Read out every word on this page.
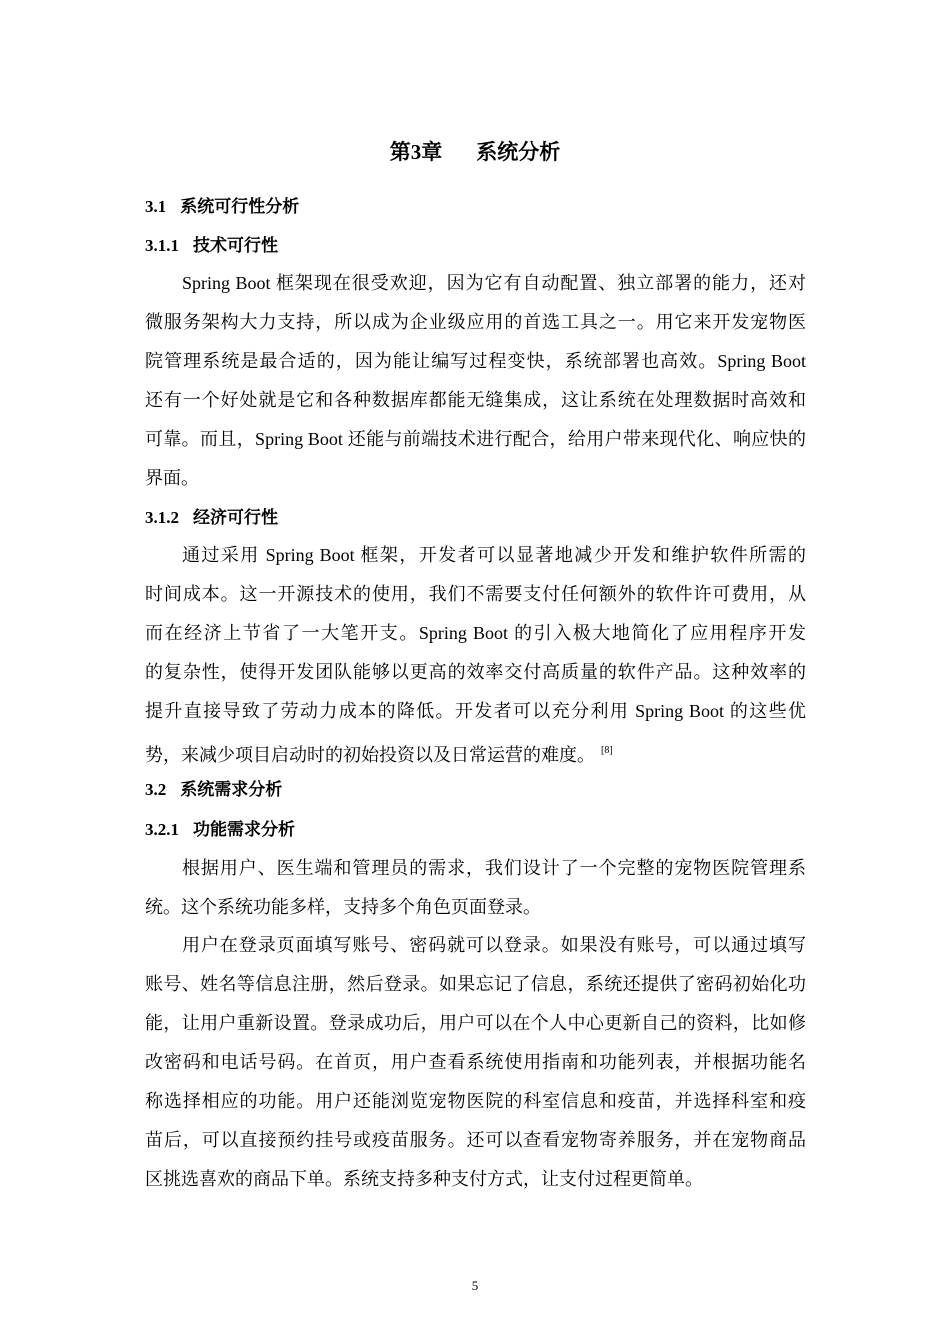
第3章 系统分析
3.1 系统可行性分析
3.1.1 技术可行性
Spring Boot 框架现在很受欢迎，因为它有自动配置、独立部署的能力，还对
微服务架构大力支持，所以成为企业级应用的首选工具之一。用它来开发宠物医
院管理系统是最合适的，因为能让编写过程变快，系统部署也高效。Spring Boot
还有一个好处就是它和各种数据库都能无缝集成，这让系统在处理数据时高效和
可靠。而且，Spring Boot 还能与前端技术进行配合，给用户带来现代化、响应快的
界面。
3.1.2 经济可行性
通过采用 Spring Boot 框架，开发者可以显著地减少开发和维护软件所需的
时间成本。这一开源技术的使用，我们不需要支付任何额外的软件许可费用，从
而在经济上节省了一大笔开支。Spring Boot 的引入极大地简化了应用程序开发
的复杂性，使得开发团队能够以更高的效率交付高质量的软件产品。这种效率的
提升直接导致了劳动力成本的降低。开发者可以充分利用 Spring Boot 的这些优
势，来减少项目启动时的初始投资以及日常运营的难度。 [8]
3.2 系统需求分析
3.2.1 功能需求分析
根据用户、医生端和管理员的需求，我们设计了一个完整的宠物医院管理系
统。这个系统功能多样，支持多个角色页面登录。
用户在登录页面填写账号、密码就可以登录。如果没有账号，可以通过填写
账号、姓名等信息注册，然后登录。如果忘记了信息，系统还提供了密码初始化功
能，让用户重新设置。登录成功后，用户可以在个人中心更新自己的资料，比如修
改密码和电话号码。在首页，用户查看系统使用指南和功能列表，并根据功能名
称选择相应的功能。用户还能浏览宠物医院的科室信息和疫苗，并选择科室和疫
苗后，可以直接预约挂号或疫苗服务。还可以查看宠物寄养服务，并在宠物商品
区挑选喜欢的商品下单。系统支持多种支付方式，让支付过程更简单。
5
